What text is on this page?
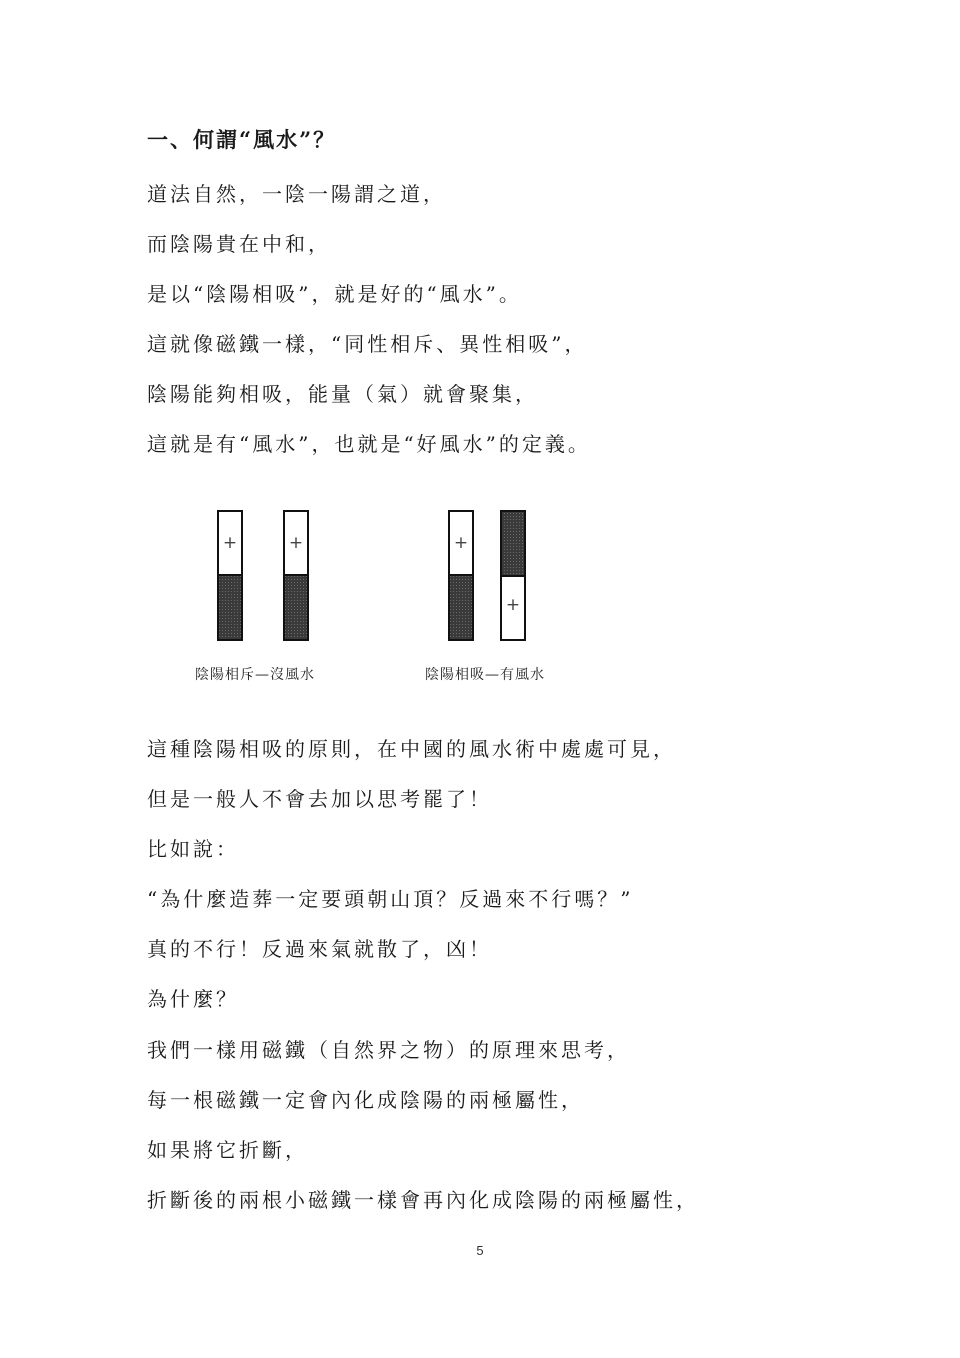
一、何謂“風水”？
道法自然，一陰一陽謂之道，
而陰陽貴在中和，
是以“陰陽相吸”，就是好的“風水”。
這就像磁鐵一樣，“同性相斥、異性相吸”，
陰陽能夠相吸，能量（氣）就會聚集，
這就是有“風水”，也就是“好風水”的定義。
+	+	+
+
陰陽相斥—沒風水	陰陽相吸—有風水
這種陰陽相吸的原則，在中國的風水術中處處可見，
但是一般人不會去加以思考罷了！
比如說：
“為什麼造葬一定要頭朝山頂？反過來不行嗎？”
真的不行！反過來氣就散了，凶！
為什麼？
我們一樣用磁鐵（自然界之物）的原理來思考，
每一根磁鐵一定會內化成陰陽的兩極屬性，
如果將它折斷，
折斷後的兩根小磁鐵一樣會再內化成陰陽的兩極屬性，
5
